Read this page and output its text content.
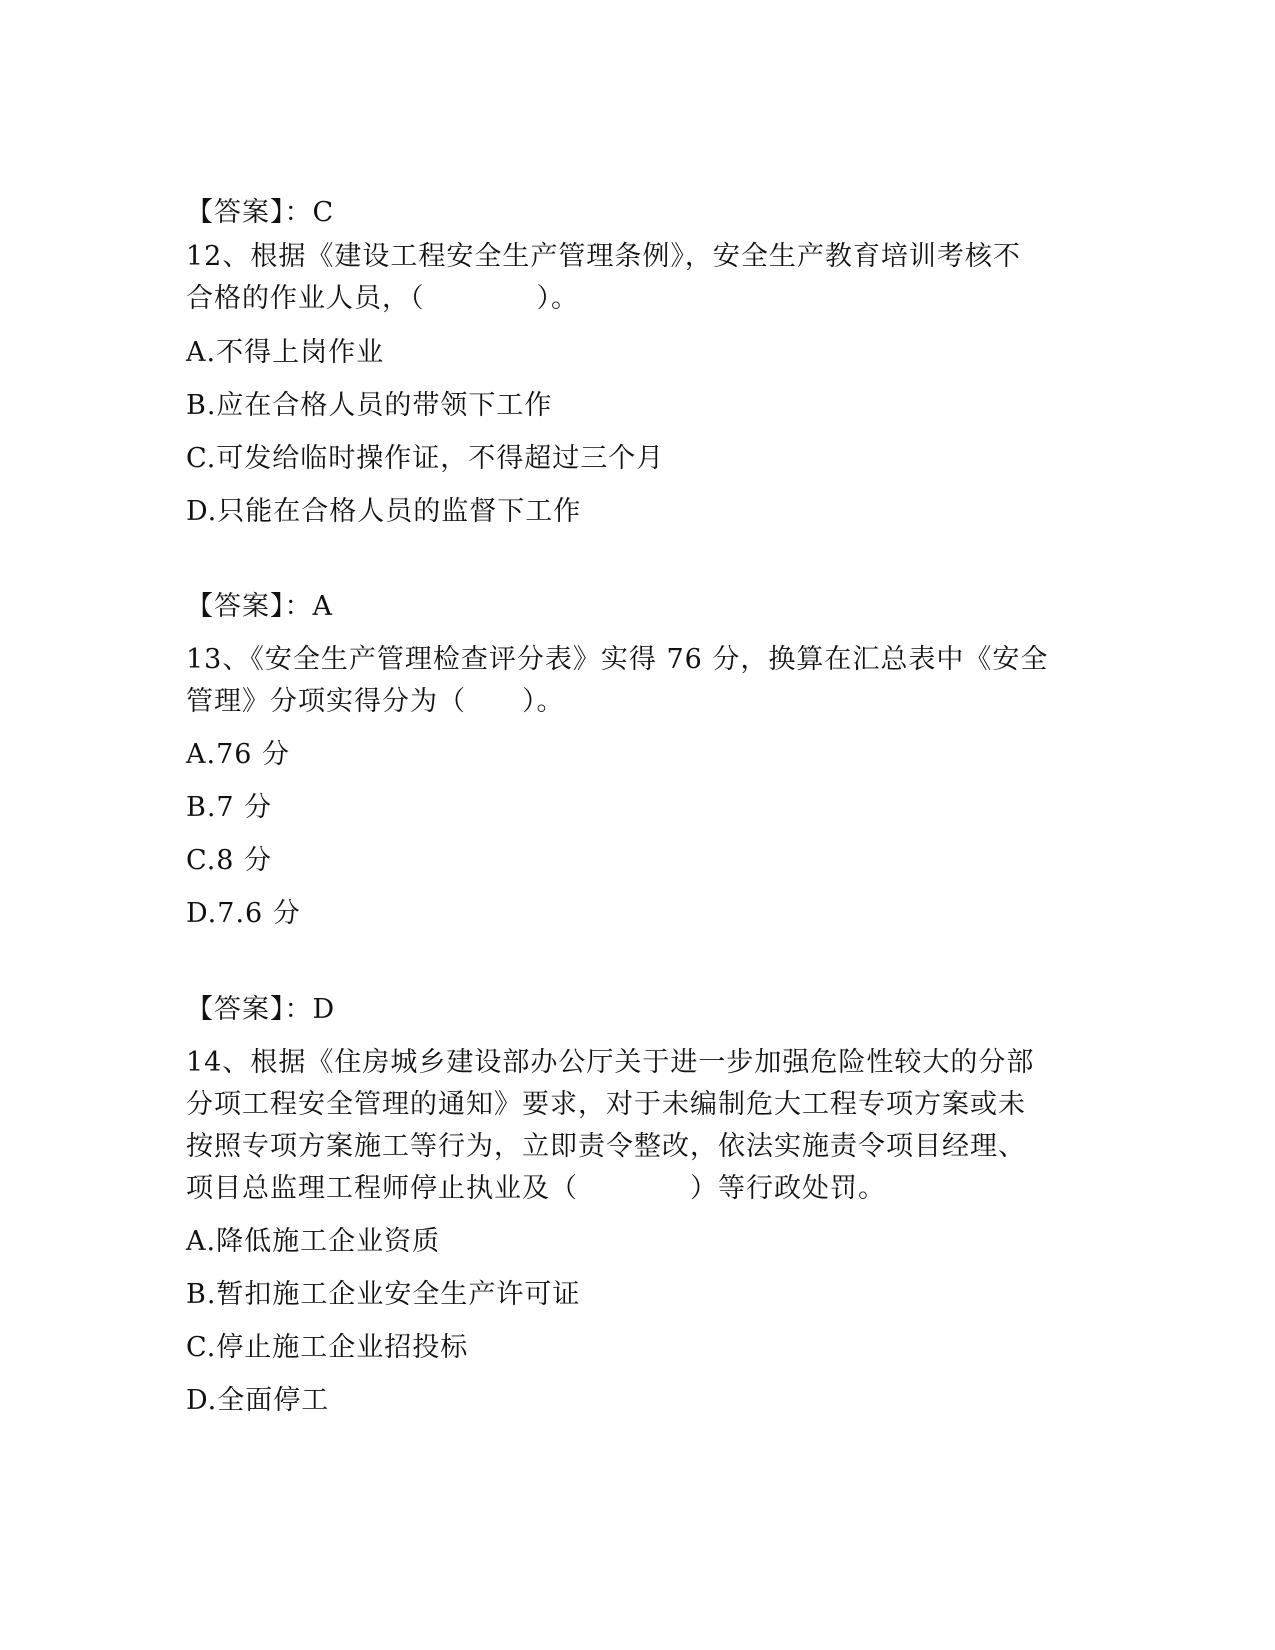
【答案】：C
12、根据《建设工程安全生产管理条例》，安全生产教育培训考核不
合格的作业人员，（　　　　）。
A.不得上岗作业
B.应在合格人员的带领下工作
C.可发给临时操作证，不得超过三个月
D.只能在合格人员的监督下工作
【答案】：A
13、《安全生产管理检查评分表》实得 76 分，换算在汇总表中《安全
管理》分项实得分为（　　）。
A.76 分
B.7 分
C.8 分
D.7.6 分
【答案】：D
14、根据《住房城乡建设部办公厅关于进一步加强危险性较大的分部
分项工程安全管理的通知》要求，对于未编制危大工程专项方案或未
按照专项方案施工等行为，立即责令整改，依法实施责令项目经理、
项目总监理工程师停止执业及（　　　　）等行政处罚。
A.降低施工企业资质
B.暂扣施工企业安全生产许可证
C.停止施工企业招投标
D.全面停工
